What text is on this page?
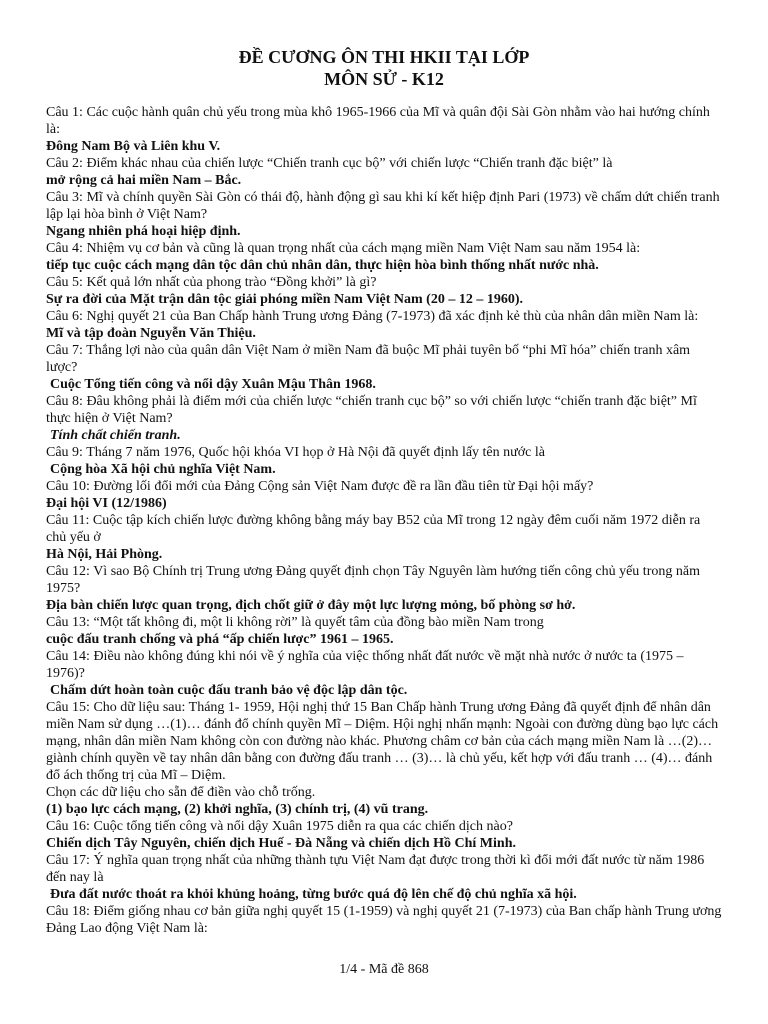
ĐỀ CƯƠNG ÔN THI HKII TẠI LỚP
MÔN SỬ - K12

Câu 1: Các cuộc hành quân chủ yếu trong mùa khô 1965-1966 của Mĩ và quân đội Sài Gòn nhằm vào hai hướng chính là:

Đông Nam Bộ và Liên khu V.

Câu 2: Điểm khác nhau của chiến lược “Chiến tranh cục bộ” với chiến lược “Chiến tranh đặc biệt” là

mở rộng cả hai miền Nam – Bắc.

Câu 3: Mĩ và chính quyền Sài Gòn có thái độ, hành động gì sau khi kí kết hiệp định Pari (1973) về chấm dứt chiến tranh lập lại hòa bình ở Việt Nam?

Ngang nhiên phá hoại hiệp định.

Câu 4: Nhiệm vụ cơ bản và cũng là quan trọng nhất của cách mạng miền Nam Việt Nam sau năm 1954 là:

tiếp tục cuộc cách mạng dân tộc dân chủ nhân dân, thực hiện hòa bình thống nhất nước nhà.

Câu 5: Kết quả lớn nhất của phong trào “Đồng khởi” là gì?

Sự ra đời của Mặt trận dân tộc giải phóng miền Nam Việt Nam (20 – 12 – 1960).

Câu 6: Nghị quyết 21 của Ban Chấp hành Trung ương Đảng (7-1973) đã xác định kẻ thù của nhân dân miền Nam là:

Mĩ và tập đoàn Nguyễn Văn Thiệu.

Câu 7: Thắng lợi nào của quân dân Việt Nam ở miền Nam đã buộc Mĩ phải tuyên bố “phi Mĩ hóa” chiến tranh xâm lược?

Cuộc Tổng tiến công và nổi dậy Xuân Mậu Thân 1968.

Câu 8: Đâu không phải là điểm mới của chiến lược “chiến tranh cục bộ” so với chiến lược “chiến tranh đặc biệt” Mĩ thực hiện ở Việt Nam?

Tính chất chiến tranh.

Câu 9: Tháng 7 năm 1976, Quốc hội khóa VI họp ở Hà Nội đã quyết định lấy tên nước là

Cộng hòa Xã hội chủ nghĩa Việt Nam.

Câu 10: Đường lối đổi mới của Đảng Cộng sản Việt Nam được đề ra lần đầu tiên từ Đại hội mấy?

Đại hội VI (12/1986)

Câu 11: Cuộc tập kích chiến lược đường không bằng máy bay B52 của Mĩ trong 12 ngày đêm cuối năm 1972 diễn ra chủ yếu ở

Hà Nội, Hải Phòng.

Câu 12: Vì sao Bộ Chính trị Trung ương Đảng quyết định chọn Tây Nguyên làm hướng tiến công chủ yếu trong năm 1975?

Địa bàn chiến lược quan trọng, địch chốt giữ ở đây một lực lượng mỏng, bố phòng sơ hở.

Câu 13: “Một tất không đi, một li không rời” là quyết tâm của đồng bào miền Nam trong

cuộc đấu tranh chống và phá “ấp chiến lược” 1961 – 1965.

Câu 14: Điều nào không đúng khi nói về ý nghĩa của việc thống nhất đất nước về mặt nhà nước ở nước ta (1975 – 1976)?

Chấm dứt hoàn toàn cuộc đấu tranh bảo vệ độc lập dân tộc.

Câu 15: Cho dữ liệu sau: Tháng 1- 1959, Hội nghị thứ 15 Ban Chấp hành Trung ương Đảng đã quyết định để nhân dân miền Nam sử dụng …(1)… đánh đổ chính quyền Mĩ – Diệm. Hội nghị nhấn mạnh: Ngoài con đường dùng bạo lực cách mạng, nhân dân miền Nam không còn con đường nào khác. Phương châm cơ bản của cách mạng miền Nam là …(2)… giành chính quyền về tay nhân dân bằng con đường đấu tranh … (3)… là chủ yếu, kết hợp với đấu tranh … (4)… đánh đổ ách thống trị của Mĩ – Diệm.
Chọn các dữ liệu cho sẵn để điền vào chỗ trống.

(1) bạo lực cách mạng, (2) khởi nghĩa, (3) chính trị, (4) vũ trang.

Câu 16: Cuộc tổng tiến công và nổi dậy Xuân 1975 diễn ra qua các chiến dịch nào?

Chiến dịch Tây Nguyên, chiến dịch Huế - Đà Nẵng và chiến dịch Hồ Chí Minh.

Câu 17: Ý nghĩa quan trọng nhất của những thành tựu Việt Nam đạt được trong thời kì đổi mới đất nước từ năm 1986 đến nay là

Đưa đất nước thoát ra khỏi khủng hoảng, từng bước quá độ lên chế độ chủ nghĩa xã hội.

Câu 18: Điểm giống nhau cơ bản giữa nghị quyết 15 (1-1959) và nghị quyết 21 (7-1973) của Ban chấp hành Trung ương Đảng Lao động Việt Nam là:

1/4 - Mã đề 868
